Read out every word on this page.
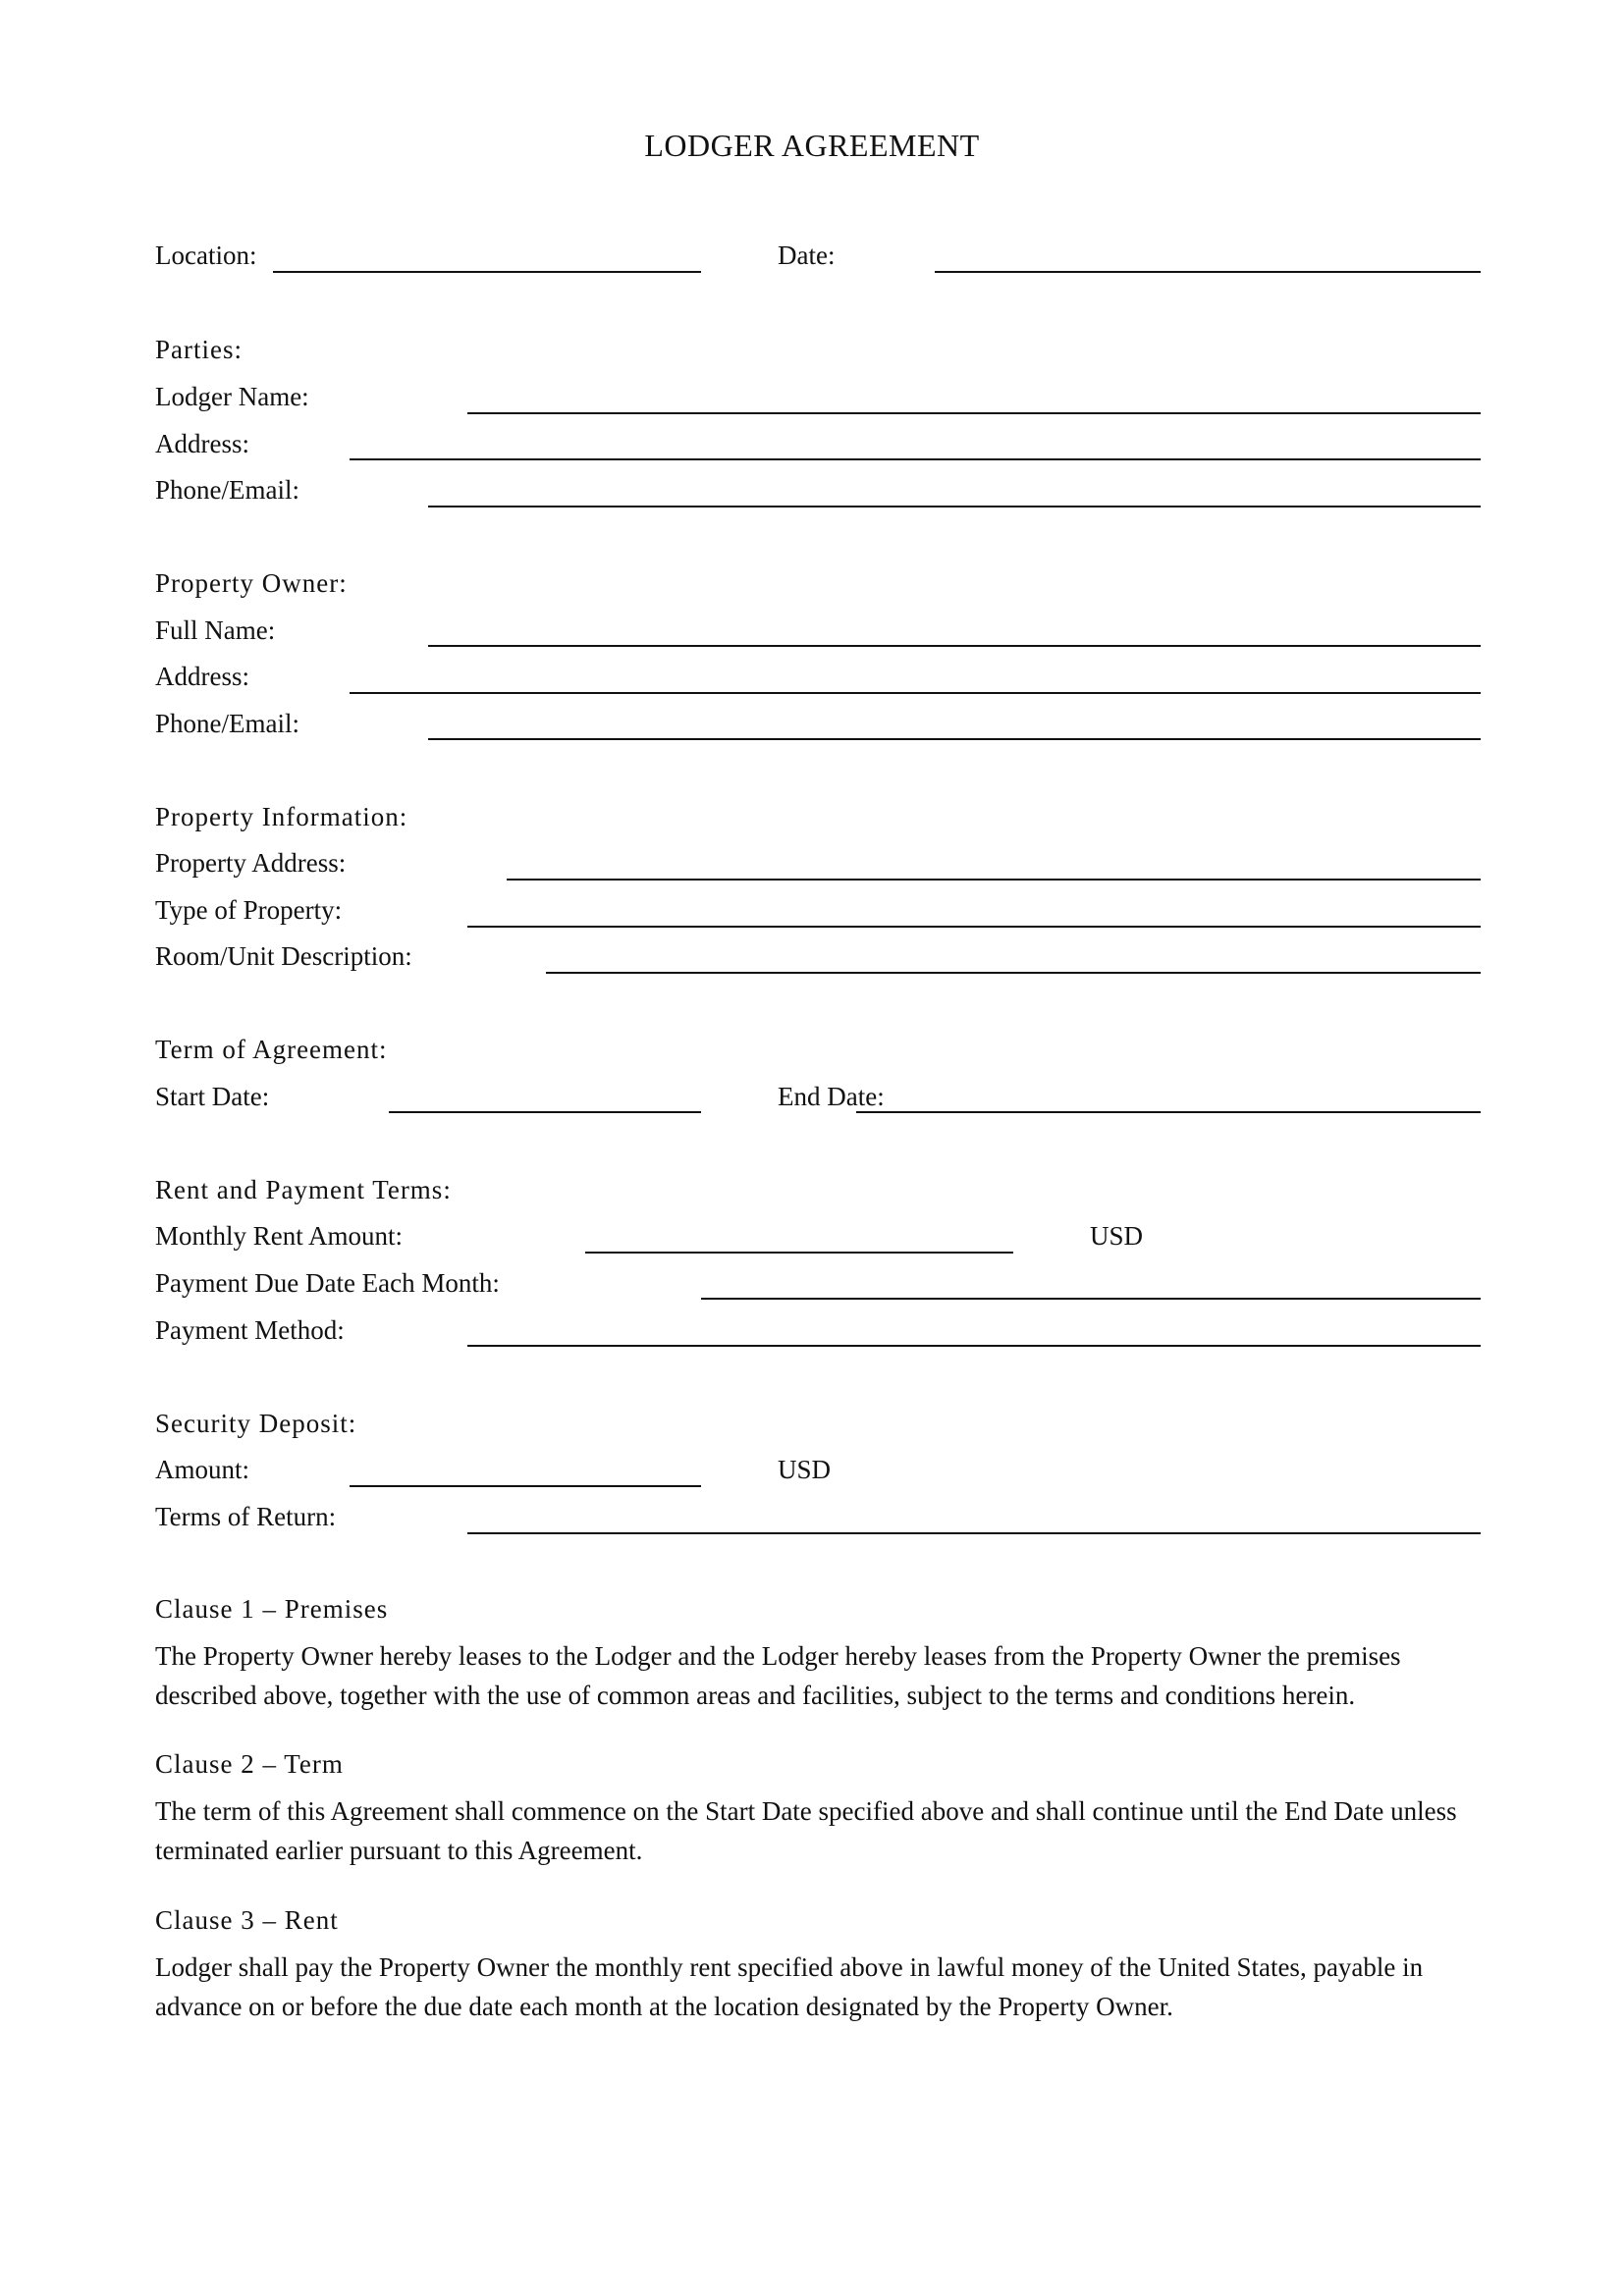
LODGER AGREEMENT
Location:	Date:
Parties:
Lodger Name:
Address:
Phone/Email:
Property Owner:
Full Name:
Address:
Phone/Email:
Property Information:
Property Address:
Type of Property:
Room/Unit Description:
Term of Agreement:
Start Date:	End Date:
Rent and Payment Terms:
Monthly Rent Amount:	USD
Payment Due Date Each Month:
Payment Method:
Security Deposit:
Amount:	USD
Terms of Return:
Clause 1 – Premises
The Property Owner hereby leases to the Lodger and the Lodger hereby leases from the Property Owner the premises described above, together with the use of common areas and facilities, subject to the terms and conditions herein.
Clause 2 – Term
The term of this Agreement shall commence on the Start Date specified above and shall continue until the End Date unless terminated earlier pursuant to this Agreement.
Clause 3 – Rent
Lodger shall pay the Property Owner the monthly rent specified above in lawful money of the United States, payable in advance on or before the due date each month at the location designated by the Property Owner.
